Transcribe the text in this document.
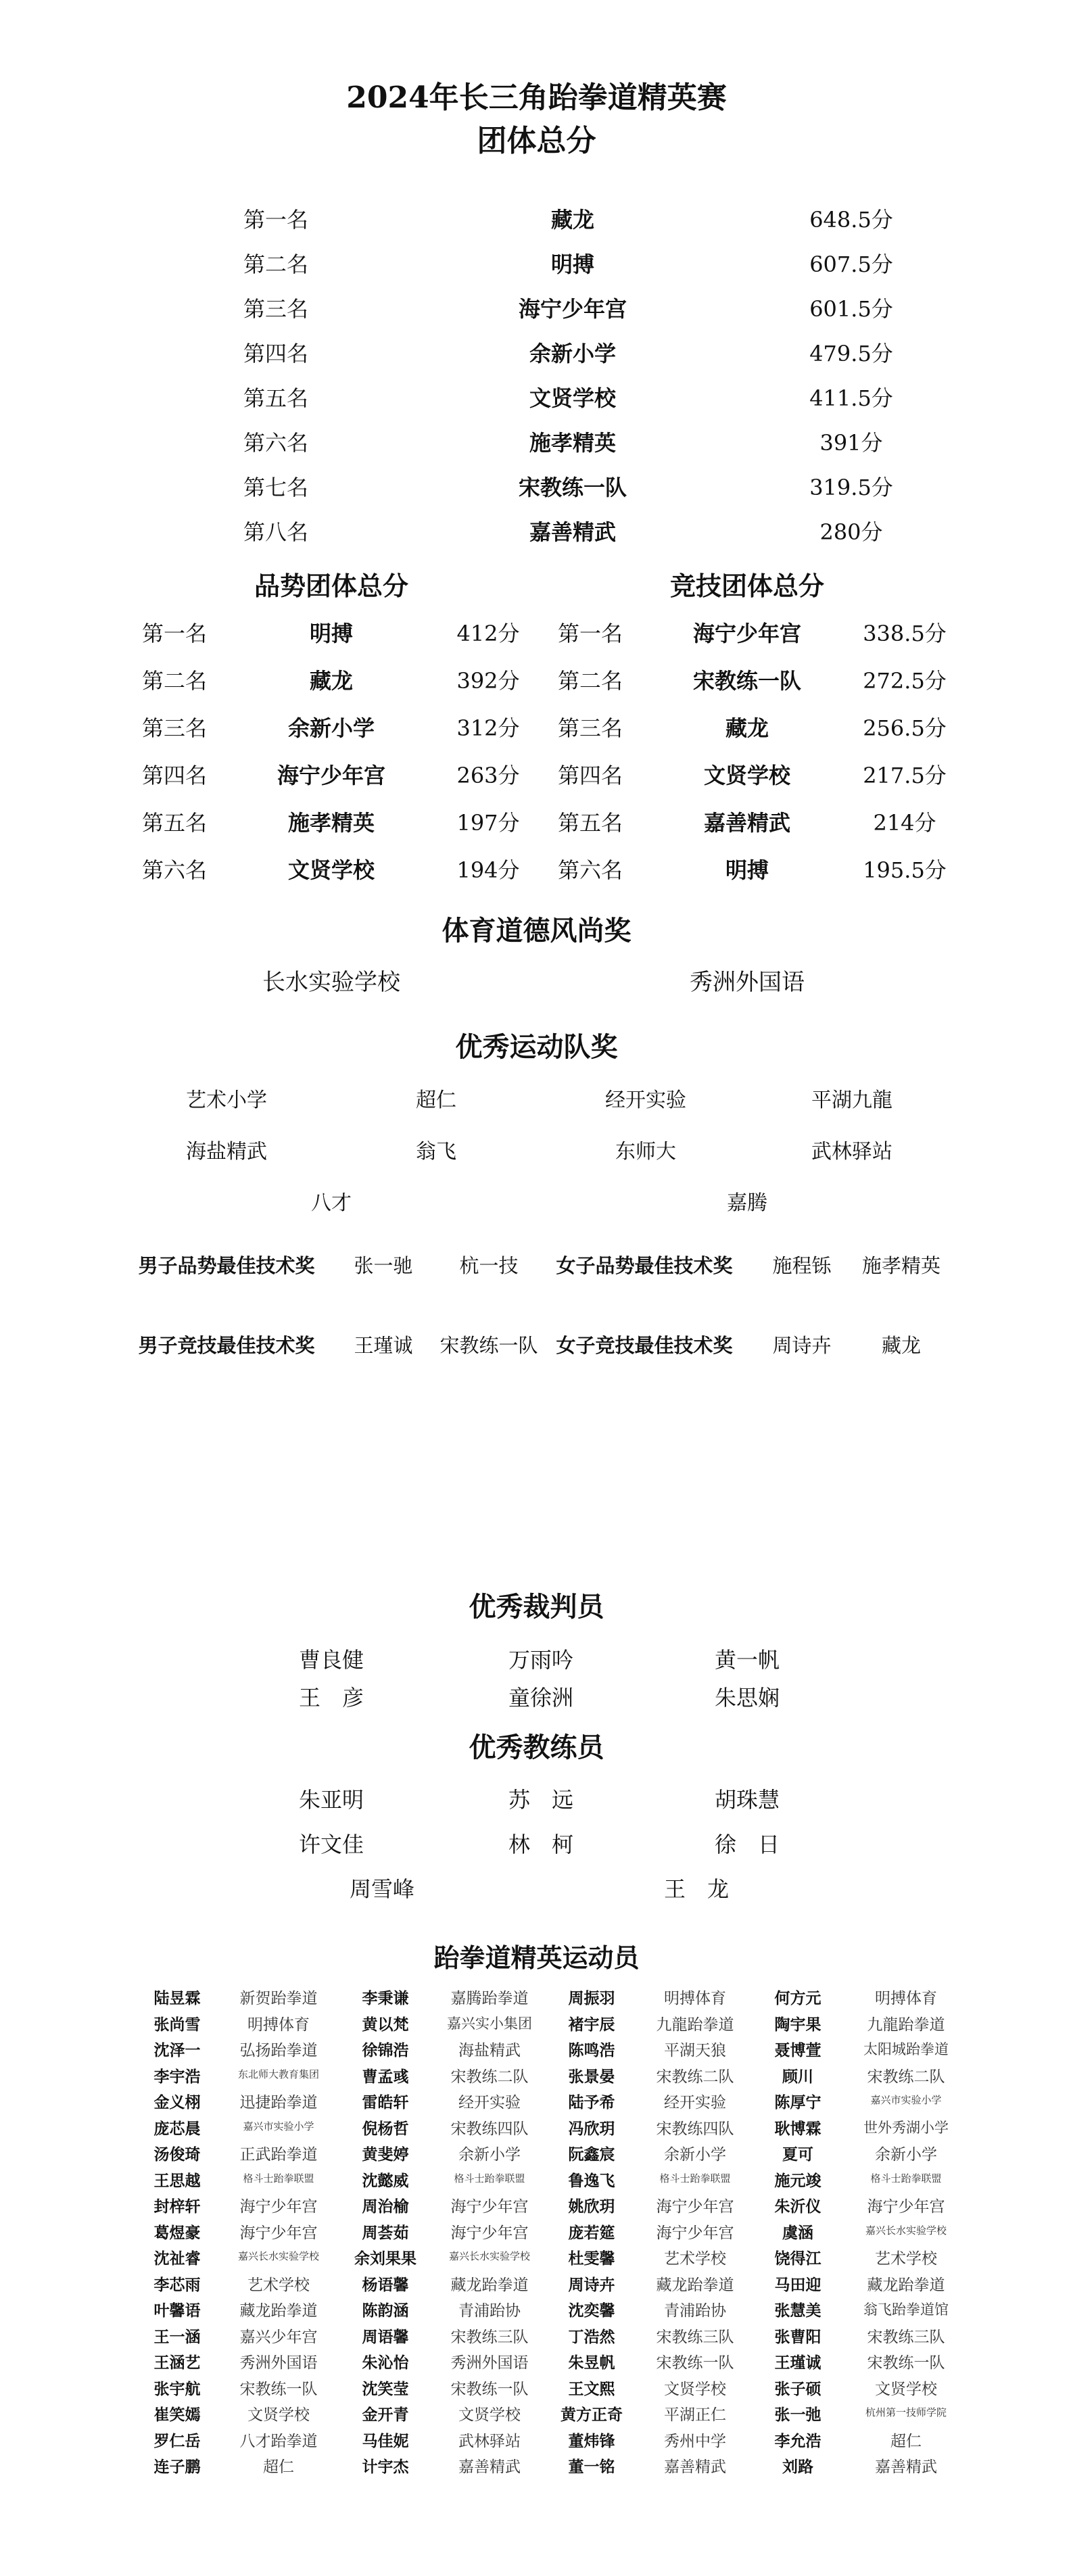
2024年长三角跆拳道精英赛
团体总分
第一名	藏龙	648.5分
第二名	明搏	607.5分
第三名	海宁少年宫	601.5分
第四名	余新小学	479.5分
第五名	文贤学校	411.5分
第六名	施孝精英	391分
第七名	宋教练一队	319.5分
第八名	嘉善精武	280分
品势团体总分	竞技团体总分
第一名	明搏	412分
第二名	藏龙	392分
第三名	余新小学	312分
第四名	海宁少年宫	263分
第五名	施孝精英	197分
第六名	文贤学校	194分
第一名	海宁少年宫	338.5分
第二名	宋教练一队	272.5分
第三名	藏龙	256.5分
第四名	文贤学校	217.5分
第五名	嘉善精武	214分
第六名	明搏	195.5分
体育道德风尚奖
长水实验学校	秀洲外国语
优秀运动队奖
艺术小学	超仁	经开实验	平湖九龍
海盐精武	翁飞	东师大	武林驿站
八才	嘉腾
男子品势最佳技术奖 张一驰 杭一技 女子品势最佳技术奖 施程铄 施孝精英
男子竞技最佳技术奖 王瑾诚 宋教练一队 女子竞技最佳技术奖 周诗卉	藏龙
优秀裁判员
曹良健	万雨吟	黄一帆
王　彦	童徐洲	朱思娴
优秀教练员
朱亚明	苏　远	胡珠慧
许文佳	林　柯	徐　日
周雪峰	王　龙
跆拳道精英运动员
陆昱霖	新贺跆拳道	李秉谦	嘉腾跆拳道	周振羽	明搏体育	何方元	明搏体育
张尚雪	明搏体育	黄以梵	嘉兴实小集团 褚宇辰	九龍跆拳道	陶宇果	九龍跆拳道
沈泽一	弘扬跆拳道	徐锦浩	海盐精武	陈鸣浩	平湖天狼	聂博萱	太阳城跆拳道
李宇浩	东北师大教育集团	曹孟彧	宋教练二队	张景晏	宋教练二队	顾川	宋教练二队
金义栩	迅捷跆拳道	雷皓轩	经开实验	陆予希	经开实验	陈厚宁	嘉兴市实验小学
庞芯晨	嘉兴市实验小学	倪杨哲	宋教练四队	冯欣玥	宋教练四队	耿博霖	世外秀湖小学
汤俊琦	正武跆拳道	黄斐婷	余新小学	阮鑫宸	余新小学	夏可	余新小学
王思越	格斗士跆拳联盟	沈懿威	格斗士跆拳联盟	鲁逸飞	格斗士跆拳联盟	施元竣	格斗士跆拳联盟
封梓轩	海宁少年宫	周治榆	海宁少年宫	姚欣玥	海宁少年宫	朱沂仪	海宁少年宫
葛煜豪	海宁少年宫	周荟茹	海宁少年宫	庞若筵	海宁少年宫	虞涵	嘉兴长水实验学校
沈祉睿	嘉兴长水实验学校 余刘果果	嘉兴长水实验学校 杜雯馨	艺术学校	饶得江	艺术学校
李芯雨	艺术学校	杨语馨	藏龙跆拳道	周诗卉	藏龙跆拳道	马田迎	藏龙跆拳道
叶馨语	藏龙跆拳道	陈韵涵	青浦跆协	沈奕馨	青浦跆协	张慧美	翁飞跆拳道馆
王一涵	嘉兴少年宫	周语馨	宋教练三队	丁浩然	宋教练三队	张曹阳	宋教练三队
王涵艺	秀洲外国语	朱沁怡	秀洲外国语	朱昱帆	宋教练一队	王瑾诚	宋教练一队
张宇航	宋教练一队	沈笑莹	宋教练一队	王文熙	文贤学校	张子硕	文贤学校
崔笑嫣	文贤学校	金开青	文贤学校	黄方正奇	平湖正仁	张一弛	杭州第一技师学院
罗仁岳	八才跆拳道	马佳妮	武林驿站	董炜锋	秀州中学	李允浩	超仁
连子鹏	超仁	计宇杰	嘉善精武	董一铭	嘉善精武	刘路	嘉善精武
